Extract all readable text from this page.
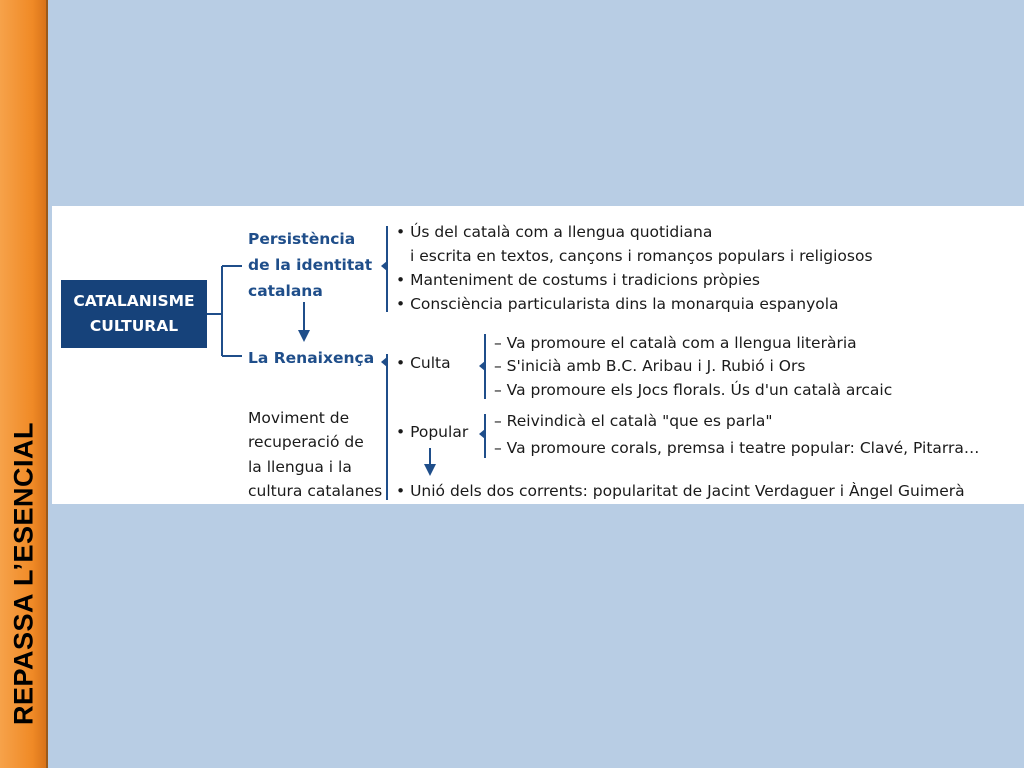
REPASSA L’ESENCIAL
CATALANISME
CULTURAL
Persistència
de la identitat
catalana
• Ús del català com a llengua quotidiana
i escrita en textos, cançons i romanços populars i religiosos
• Manteniment de costums i tradicions pròpies
• Consciència particularista dins la monarquia espanyola
La Renaixença
Moviment de
recuperació de
la llengua i la
cultura catalanes
• Culta
– Va promoure el català com a llengua literària
– S'inicià amb B.C. Aribau i J. Rubió i Ors
– Va promoure els Jocs florals. Ús d'un català arcaic
• Popular
– Reivindicà el català "que es parla"
– Va promoure corals, premsa i teatre popular: Clavé, Pitarra…
• Unió dels dos corrents: popularitat de Jacint Verdaguer i Àngel Guimerà
